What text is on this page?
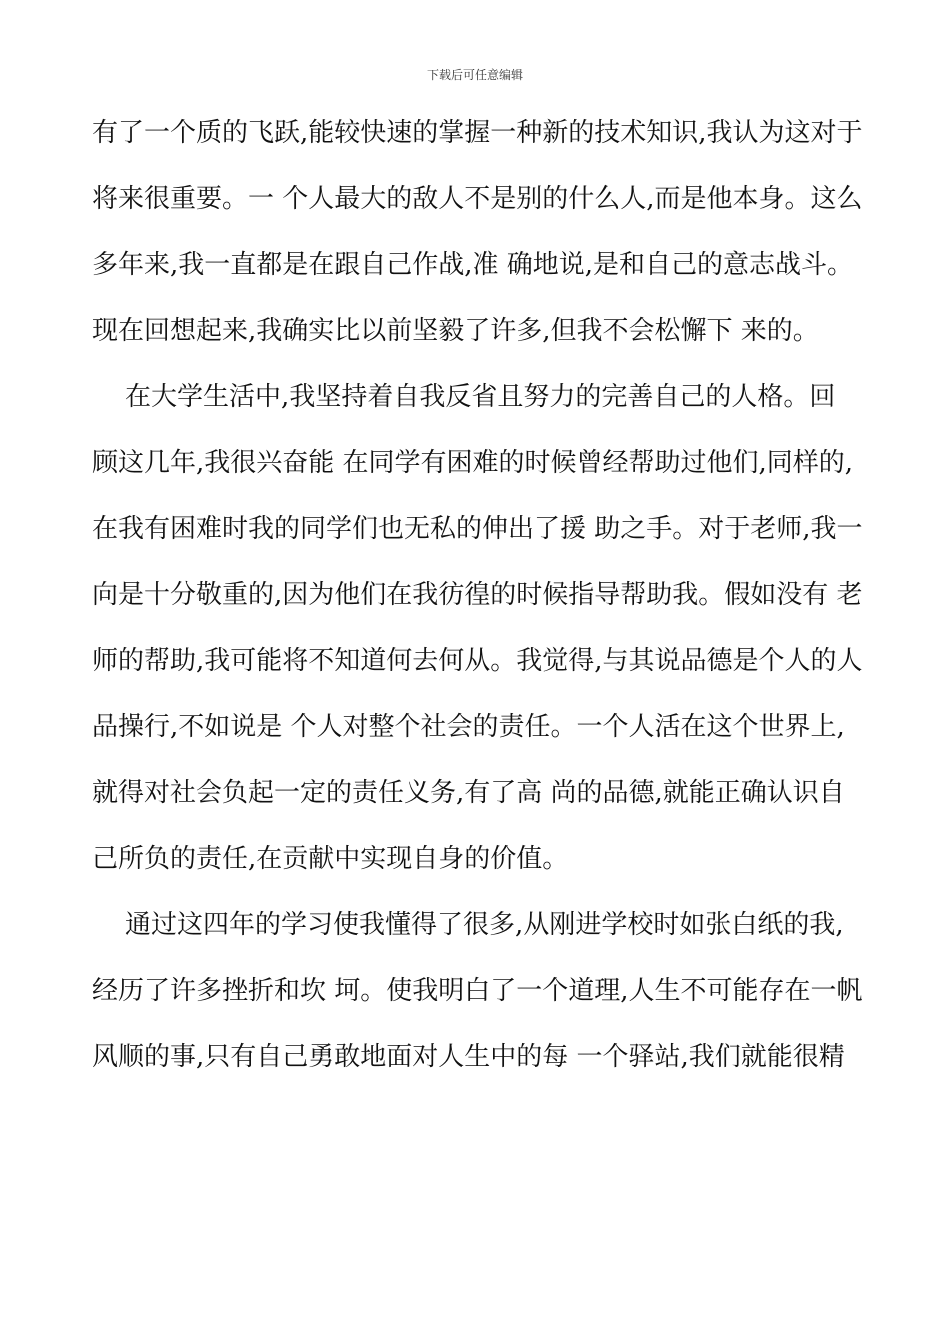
下载后可任意编辑

有了一个质的飞跃,能较快速的掌握一种新的技术知识,我认为这对于

将来很重要。一 个人最大的敌人不是别的什么人,而是他本身。这么

多年来,我一直都是在跟自己作战,准 确地说,是和自己的意志战斗。

现在回想起来,我确实比以前坚毅了许多,但我不会松懈下 来的。

在大学生活中,我坚持着自我反省且努力的完善自己的人格。回

顾这几年,我很兴奋能 在同学有困难的时候曾经帮助过他们,同样的,

在我有困难时我的同学们也无私的伸出了援 助之手。对于老师,我一

向是十分敬重的,因为他们在我彷徨的时候指导帮助我。假如没有 老

师的帮助,我可能将不知道何去何从。我觉得,与其说品德是个人的人

品操行,不如说是 个人对整个社会的责任。一个人活在这个世界上,

就得对社会负起一定的责任义务,有了高 尚的品德,就能正确认识自

己所负的责任,在贡献中实现自身的价值。

通过这四年的学习使我懂得了很多,从刚进学校时如张白纸的我,

经历了许多挫折和坎 坷。使我明白了一个道理,人生不可能存在一帆

风顺的事,只有自己勇敢地面对人生中的每 一个驿站,我们就能很精
